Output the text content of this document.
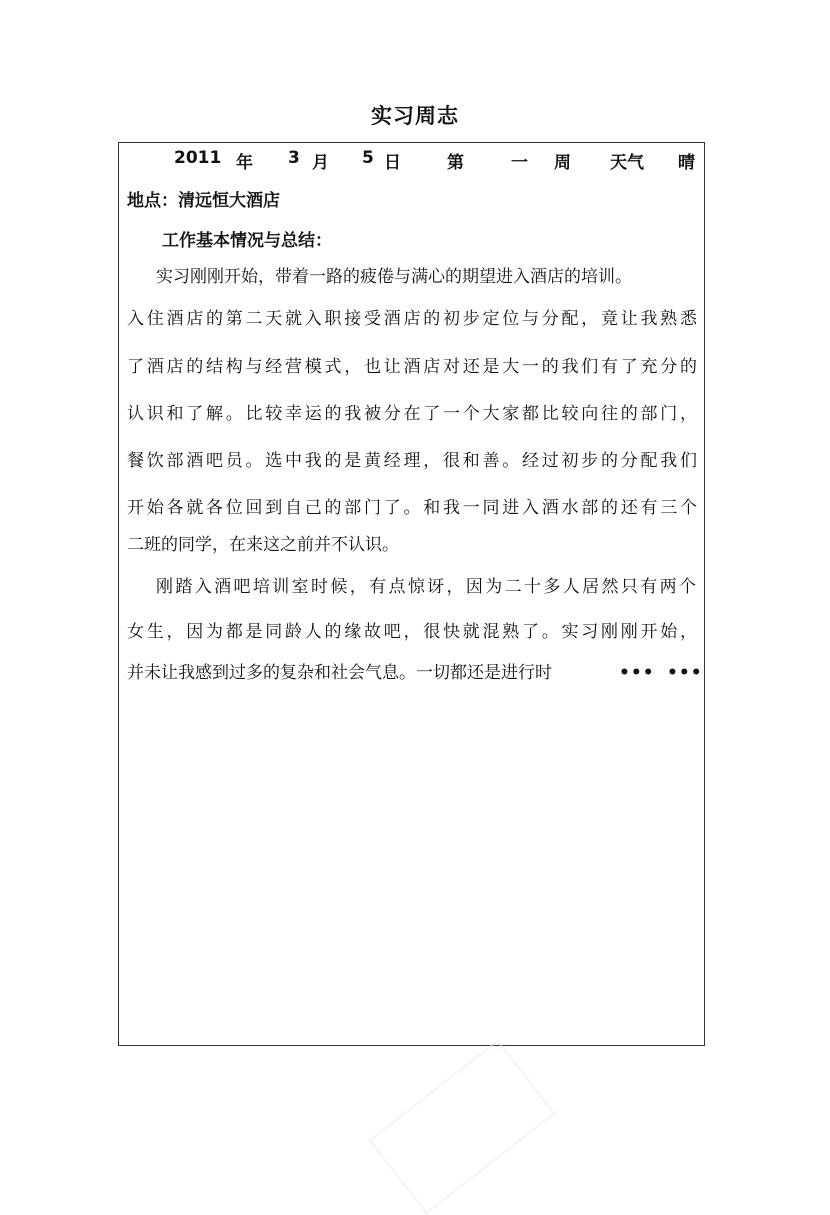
实习周志
2011 年 3 月 5 日	第	一 周 天气 晴
地点：清远恒大酒店
工作基本情况与总结：
实习刚刚开始，带着一路的疲倦与满心的期望进入酒店的培训。
入住酒店的第二天就入职接受酒店的初步定位与分配，竟让我熟悉
了酒店的结构与经营模式，也让酒店对还是大一的我们有了充分的
认识和了解。比较幸运的我被分在了一个大家都比较向往的部门，
餐饮部酒吧员。选中我的是黄经理，很和善。经过初步的分配我们
开始各就各位回到自己的部门了。和我一同进入酒水部的还有三个
二班的同学，在来这之前并不认识。
刚踏入酒吧培训室时候，有点惊讶，因为二十多人居然只有两个
女生，因为都是同龄人的缘故吧，很快就混熟了。实习刚刚开始，
并未让我感到过多的复杂和社会气息。一切都还是进行时	••• •••
